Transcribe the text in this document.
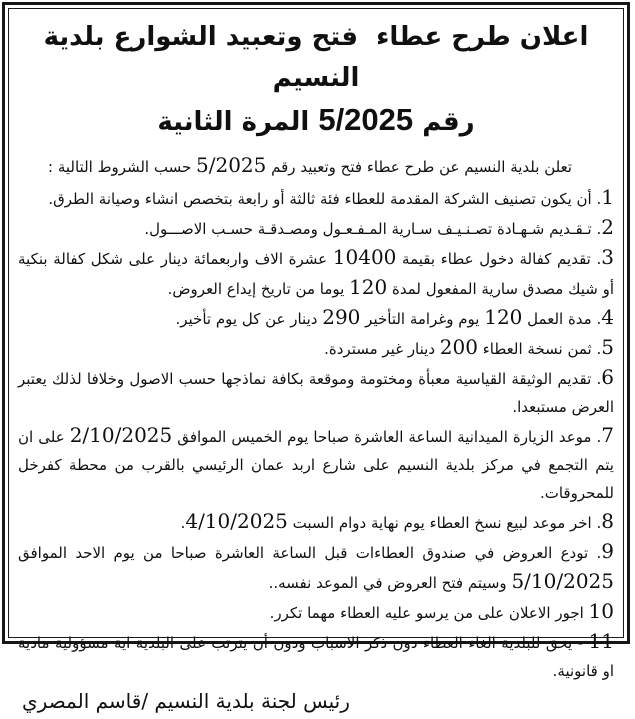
اعلان طرح عطاء  فتح وتعبيد الشوارع بلدية النسيم
رقم 5/2025 المرة الثانية
تعلن بلدية النسيم عن طرح عطاء فتح وتعبيد رقم 5/2025 حسب الشروط التالية :
1. أن يكون تصنيف الشركة المقدمة للعطاء فئة ثالثة أو رابعة بتخصص انشاء وصيانة الطرق.
2. تـقـديم شـهـادة تصـنـيـف سـارية المـفـعـول ومصـدقـة حسـب الاصـــول.
3. تقديم كفالة دخول عطاء بقيمة 10400 عشرة الاف واربعمائة دينار على شكل كفالة بنكية أو شيك مصدق سارية المفعول لمدة 120 يوما من تاريخ إيداع العروض.
4. مدة العمل 120 يوم وغرامة التأخير 290 دينار عن كل يوم تأخير.
5. ثمن نسخة العطاء 200 دينار غير مستردة.
6. تقديم الوثيقة القياسية معبأة ومختومة وموقعة بكافة نماذجها حسب الاصول وخلافا لذلك يعتبر العرض مستبعدا.
7. موعد الزيارة الميدانية الساعة العاشرة صباحا يوم الخميس الموافق 2/10/2025 على ان يتم التجمع في مركز بلدية النسيم على شارع اربد عمان الرئيسي بالقرب من محطة كفرخل للمحروقات.
8. اخر موعد لبيع نسخ العطاء يوم نهاية دوام السبت 4/10/2025.
9. تودع العروض في صندوق العطاءات قبل الساعة العاشرة صباحا من يوم الاحد الموافق 5/10/2025 وسيتم فتح العروض في الموعد نفسه..
10 اجور الاعلان على من يرسو عليه العطاء مهما تكرر.
11 - يحق للبلدية الغاء العطاء دون ذكر الاسباب ودون أن يترتب على البلدية اية مسؤولية مادية او قانونية.
رئيس لجنة بلدية النسيم /قاسم المصري
